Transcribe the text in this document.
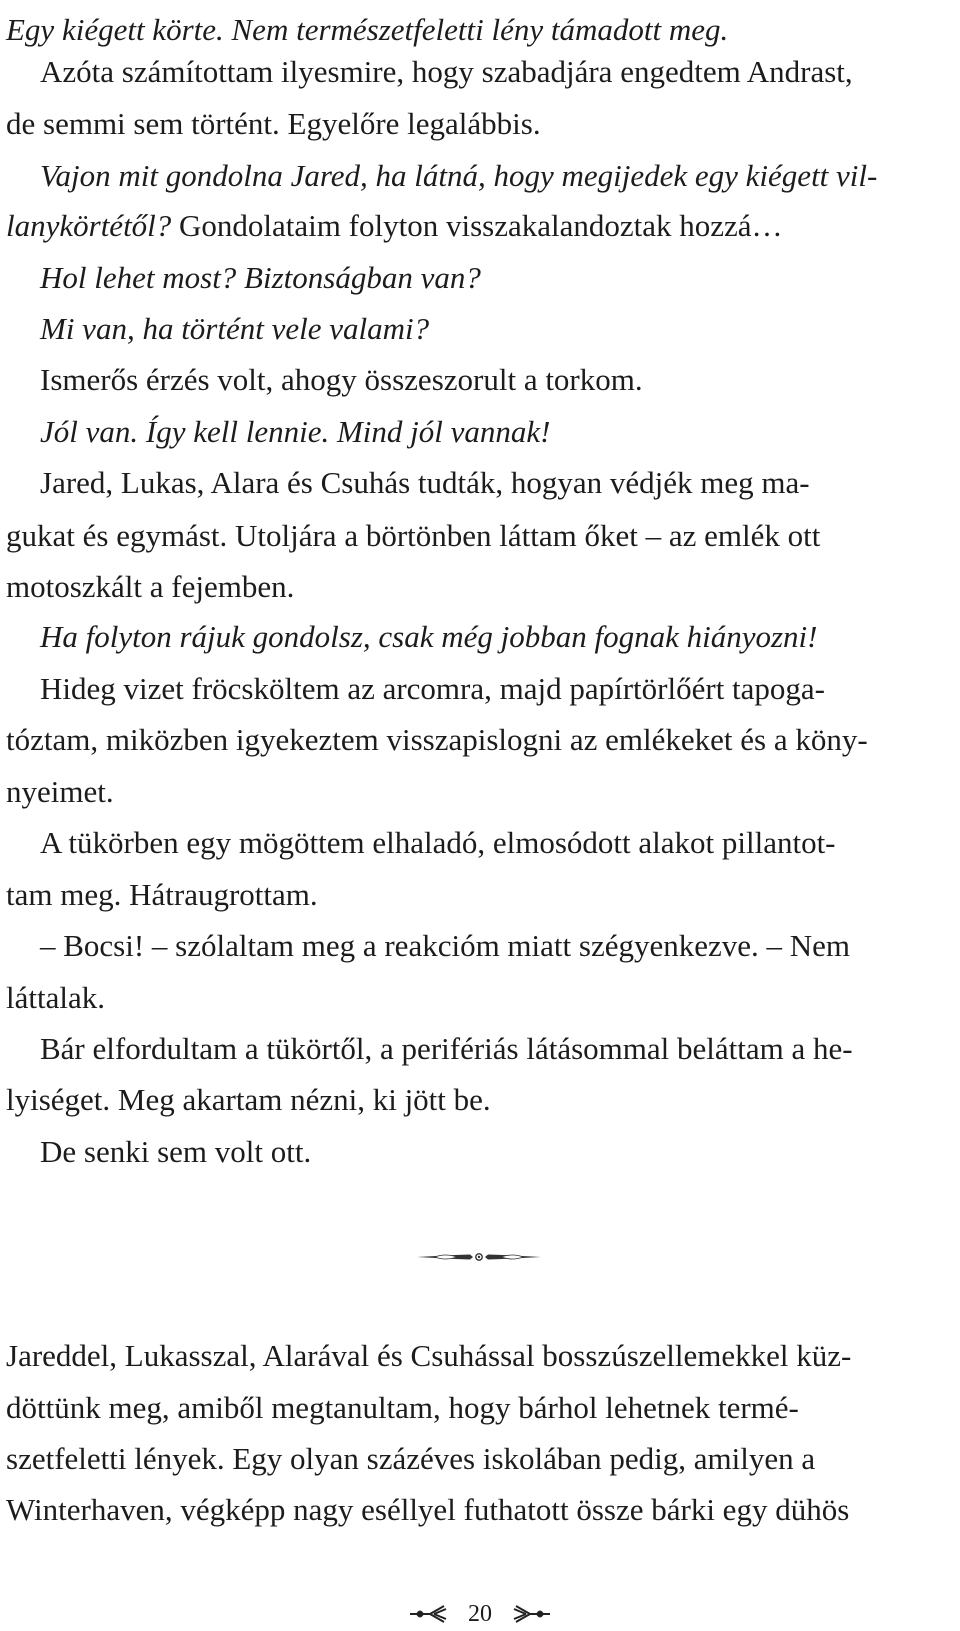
Egy kiégett körte. Nem természetfeletti lény támadott meg.
Azóta számítottam ilyesmire, hogy szabadjára engedtem Andrast,
de semmi sem történt. Egyelőre legalábbis.
Vajon mit gondolna Jared, ha látná, hogy megijedek egy kiégett vil-
lanykörtétől? Gondolataim folyton visszakalandoztak hozzá…
Hol lehet most? Biztonságban van?
Mi van, ha történt vele valami?
Ismerős érzés volt, ahogy összeszorult a torkom.
Jól van. Így kell lennie. Mind jól vannak!
Jared, Lukas, Alara és Csuhás tudták, hogyan védjék meg ma-
gukat és egymást. Utoljára a börtönben láttam őket – az emlék ott
motoszkált a fejemben.
Ha folyton rájuk gondolsz, csak még jobban fognak hiányozni!
Hideg vizet fröcsköltem az arcomra, majd papírtörlőért tapoga-
tóztam, miközben igyekeztem visszapislogni az emlékeket és a köny-
nyeimet.
A tükörben egy mögöttem elhaladó, elmosódott alakot pillantot-
tam meg. Hátraugrottam.
– Bocsi! – szólaltam meg a reakcióm miatt szégyenkezve. – Nem
láttalak.
Bár elfordultam a tükörtől, a perifériás látásommal beláttam a he-
lyiséget. Meg akartam nézni, ki jött be.
De senki sem volt ott.
Jareddel, Lukasszal, Alarával és Csuhással bosszúszellemekkel küz-
döttünk meg, amiből megtanultam, hogy bárhol lehetnek termé-
szetfeletti lények. Egy olyan százéves iskolában pedig, amilyen a
Winterhaven, végképp nagy eséllyel futhatott össze bárki egy dühös
20
